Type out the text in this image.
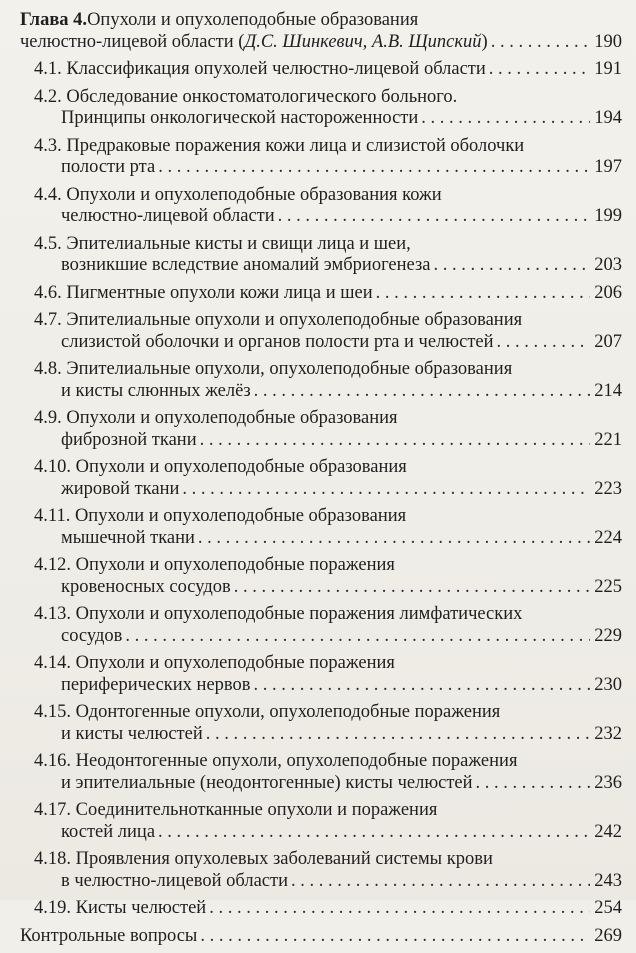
Глава 4. Опухоли и опухолеподобные образования
челюстно-лицевой области (Д.С. Шинкевич, А.В. Щипский) . . .	190
4.1. Классификация опухолей челюстно-лицевой области . . .	191
4.2. Обследование онкостоматологического больного.
Принципы онкологической настороженности . . .	194
4.3. Предраковые поражения кожи лица и слизистой оболочки
полости рта . . .	197
4.4. Опухоли и опухолеподобные образования кожи
челюстно-лицевой области . . .	199
4.5. Эпителиальные кисты и свищи лица и шеи,
возникшие вследствие аномалий эмбриогенеза . . .	203
4.6. Пигментные опухоли кожи лица и шеи . . .	206
4.7. Эпителиальные опухоли и опухолеподобные образования
слизистой оболочки и органов полости рта и челюстей . . .	207
4.8. Эпителиальные опухоли, опухолеподобные образования
и кисты слюнных желёз . . .	214
4.9. Опухоли и опухолеподобные образования
фиброзной ткани . . .	221
4.10. Опухоли и опухолеподобные образования
жировой ткани . . .	223
4.11. Опухоли и опухолеподобные образования
мышечной ткани . . .	224
4.12. Опухоли и опухолеподобные поражения
кровеносных сосудов . . .	225
4.13. Опухоли и опухолеподобные поражения лимфатических
сосудов . . .	229
4.14. Опухоли и опухолеподобные поражения
периферических нервов . . .	230
4.15. Одонтогенные опухоли, опухолеподобные поражения
и кисты челюстей . . .	232
4.16. Неодонтогенные опухоли, опухолеподобные поражения
и эпителиальные (неодонтогенные) кисты челюстей . . .	236
4.17. Соединительнотканные опухоли и поражения
костей лица . . .	242
4.18. Проявления опухолевых заболеваний системы крови
в челюстно-лицевой области . . .	243
4.19. Кисты челюстей . . .	254
Контрольные вопросы . . .	269
